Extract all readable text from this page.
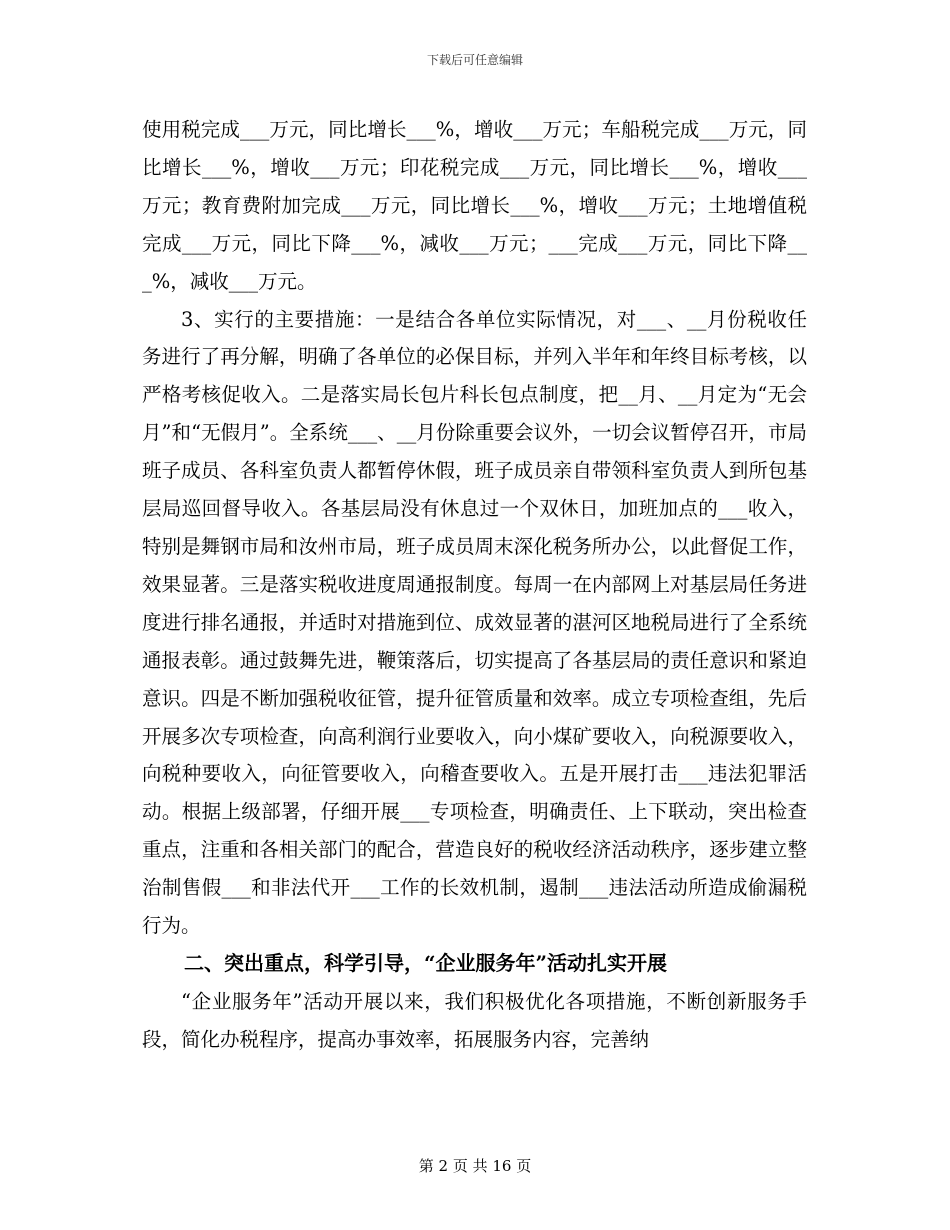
下载后可任意编辑

使用税完成___万元，同比增长___%，增收___万元；车船税完成___万元，同比增长___%，增收___万元；印花税完成___万元，同比增长___%，增收___万元；教育费附加完成___万元，同比增长___%，增收___万元；土地增值税完成___万元，同比下降___%，减收___万元；___完成___万元，同比下降___%，减收___万元。

3、实行的主要措施：一是结合各单位实际情况，对___、__月份税收任务进行了再分解，明确了各单位的必保目标，并列入半年和年终目标考核，以严格考核促收入。二是落实局长包片科长包点制度，把__月、__月定为“无会月”和“无假月”。全系统___、__月份除重要会议外，一切会议暂停召开，市局班子成员、各科室负责人都暂停休假，班子成员亲自带领科室负责人到所包基层局巡回督导收入。各基层局没有休息过一个双休日，加班加点的___收入，特别是舞钢市局和汝州市局，班子成员周末深化税务所办公，以此督促工作，效果显著。三是落实税收进度周通报制度。每周一在内部网上对基层局任务进度进行排名通报，并适时对措施到位、成效显著的湛河区地税局进行了全系统通报表彰。通过鼓舞先进，鞭策落后，切实提高了各基层局的责任意识和紧迫意识。四是不断加强税收征管，提升征管质量和效率。成立专项检查组，先后开展多次专项检查，向高利润行业要收入，向小煤矿要收入，向税源要收入，向税种要收入，向征管要收入，向稽查要收入。五是开展打击___违法犯罪活动。根据上级部署，仔细开展___专项检查，明确责任、上下联动，突出检查重点，注重和各相关部门的配合，营造良好的税收经济活动秩序，逐步建立整治制售假___和非法代开___工作的长效机制，遏制___违法活动所造成偷漏税行为。

二、突出重点，科学引导，“企业服务年”活动扎实开展

“企业服务年”活动开展以来，我们积极优化各项措施，不断创新服务手段，简化办税程序，提高办事效率，拓展服务内容，完善纳

第 2 页 共 16 页
